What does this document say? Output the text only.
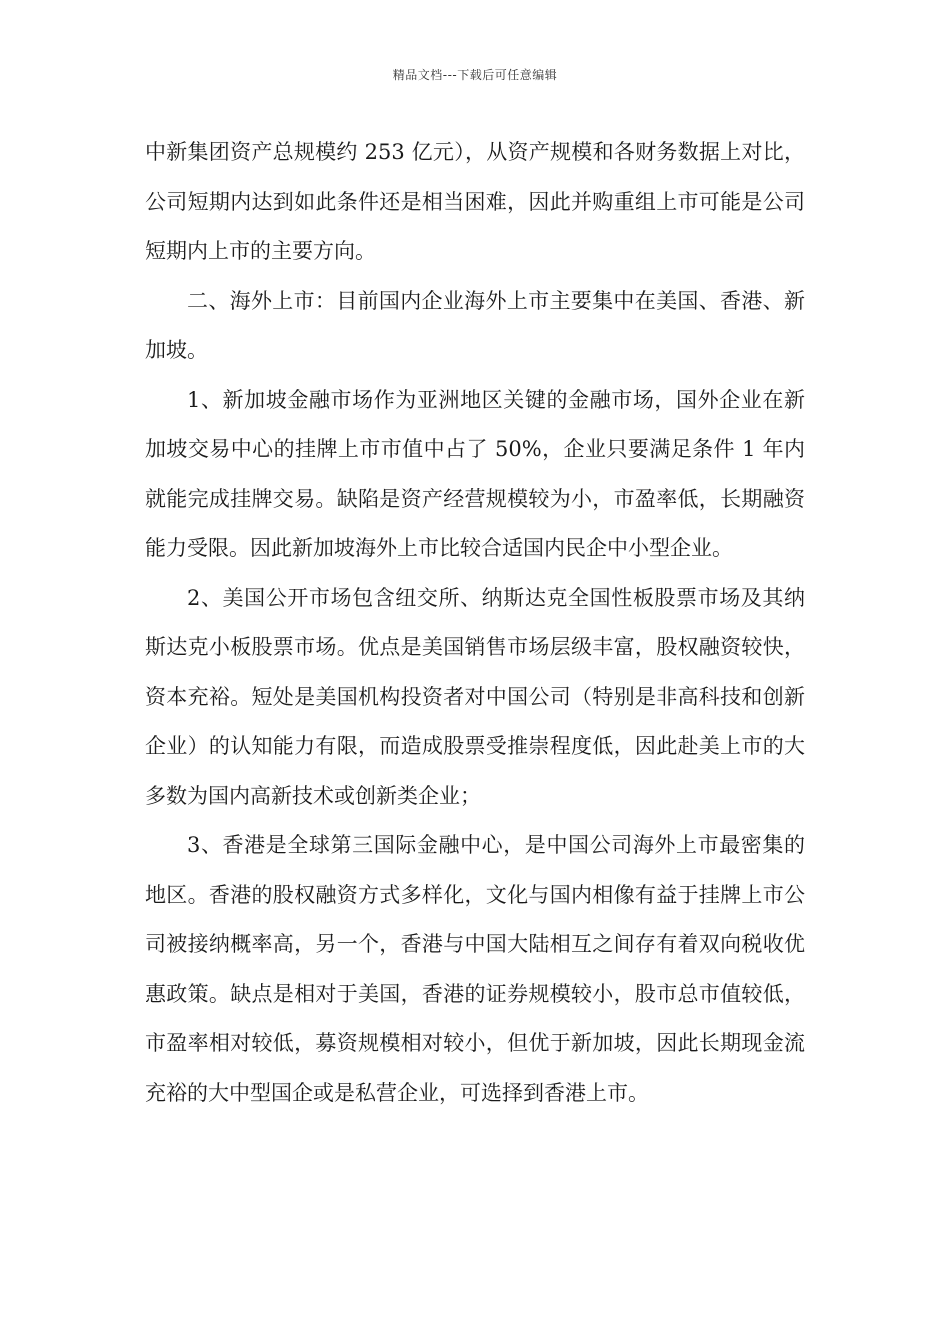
精品文档---下载后可任意编辑

中新集团资产总规模约 253 亿元），从资产规模和各财务数据上对比，公司短期内达到如此条件还是相当困难，因此并购重组上市可能是公司短期内上市的主要方向。

二、海外上市：目前国内企业海外上市主要集中在美国、香港、新加坡。

1、新加坡金融市场作为亚洲地区关键的金融市场，国外企业在新加坡交易中心的挂牌上市市值中占了 50%，企业只要满足条件 1 年内就能完成挂牌交易。缺陷是资产经营规模较为小，市盈率低，长期融资能力受限。因此新加坡海外上市比较合适国内民企中小型企业。

2、美国公开市场包含纽交所、纳斯达克全国性板股票市场及其纳斯达克小板股票市场。优点是美国销售市场层级丰富，股权融资较快，资本充裕。短处是美国机构投资者对中国公司（特别是非高科技和创新企业）的认知能力有限，而造成股票受推崇程度低，因此赴美上市的大多数为国内高新技术或创新类企业；

3、香港是全球第三国际金融中心，是中国公司海外上市最密集的地区。香港的股权融资方式多样化，文化与国内相像有益于挂牌上市公司被接纳概率高，另一个，香港与中国大陆相互之间存有着双向税收优惠政策。缺点是相对于美国，香港的证券规模较小，股市总市值较低，市盈率相对较低，募资规模相对较小，但优于新加坡，因此长期现金流充裕的大中型国企或是私营企业，可选择到香港上市。
